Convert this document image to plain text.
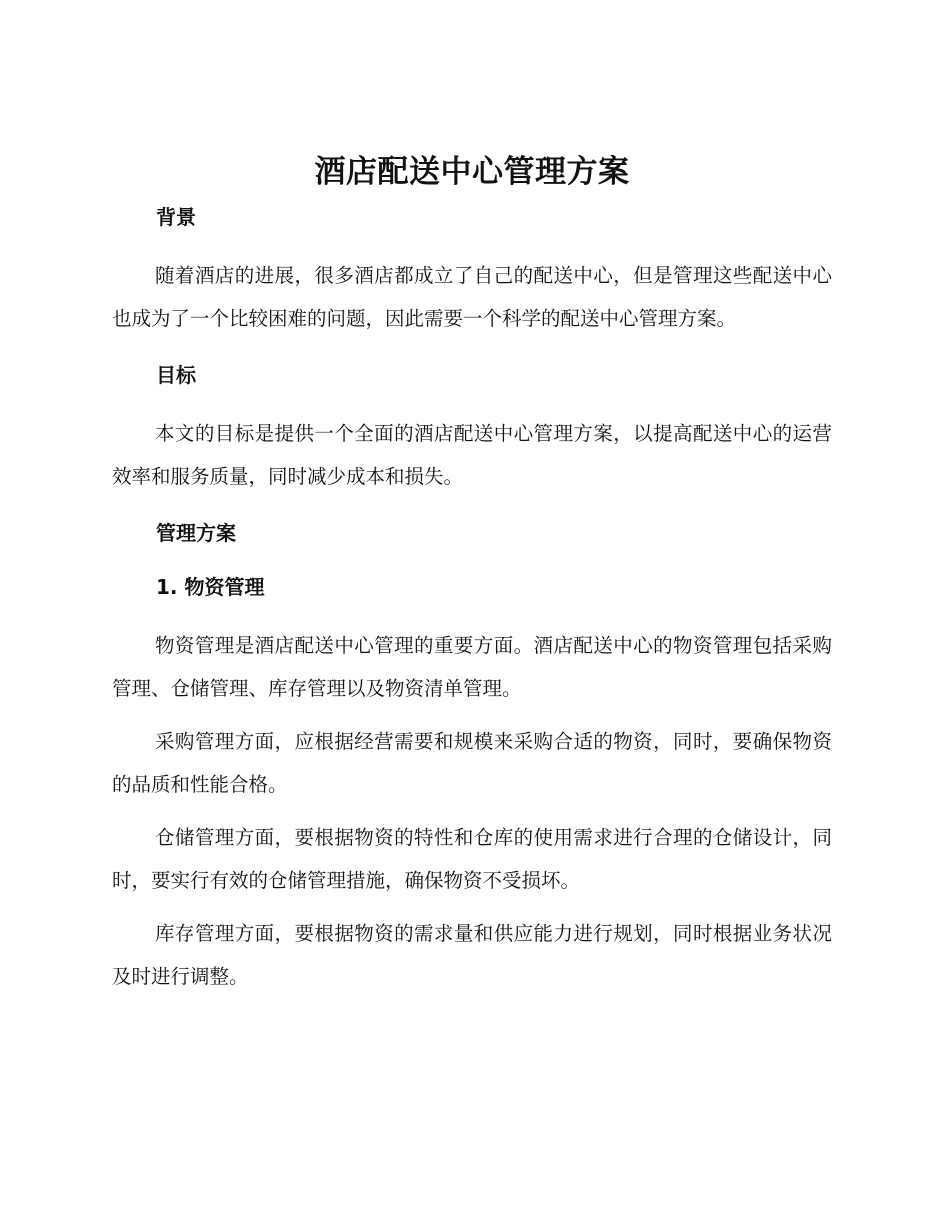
酒店配送中心管理方案
背景

随着酒店的进展，很多酒店都成立了自己的配送中心，但是管理这些配送中心也成为了一个比较困难的问题，因此需要一个科学的配送中心管理方案。

目标

本文的目标是提供一个全面的酒店配送中心管理方案，以提高配送中心的运营效率和服务质量，同时减少成本和损失。

管理方案
1. 物资管理

物资管理是酒店配送中心管理的重要方面。酒店配送中心的物资管理包括采购管理、仓储管理、库存管理以及物资清单管理。

采购管理方面，应根据经营需要和规模来采购合适的物资，同时，要确保物资的品质和性能合格。

仓储管理方面，要根据物资的特性和仓库的使用需求进行合理的仓储设计，同时，要实行有效的仓储管理措施，确保物资不受损坏。

库存管理方面，要根据物资的需求量和供应能力进行规划，同时根据业务状况及时进行调整。
